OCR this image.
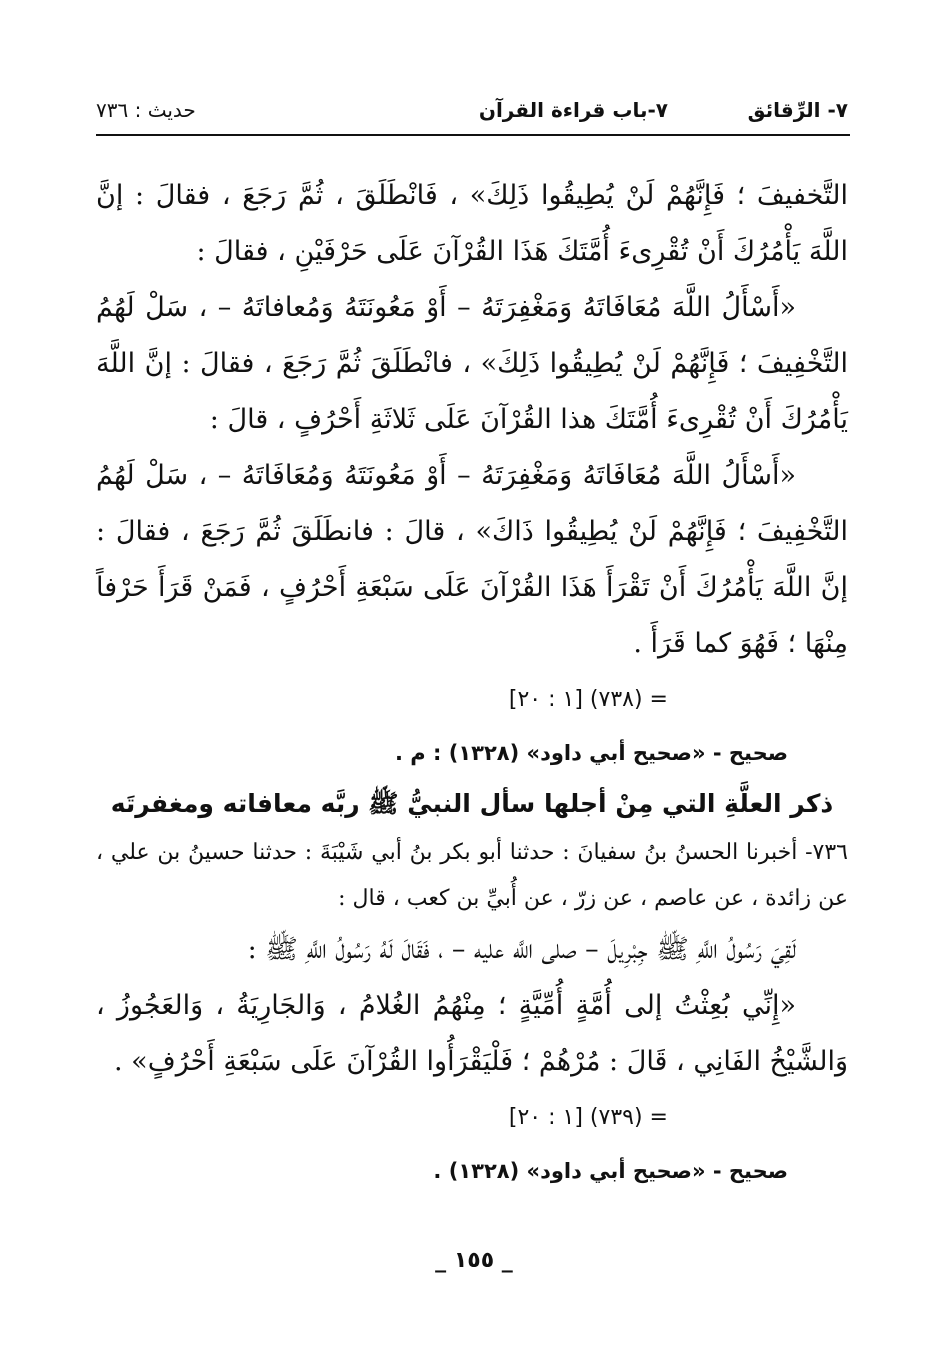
٧- الرِّقائق
٧-باب قراءة القرآن
حديث : ٧٣٦

التَّخفيفَ ؛ فَإِنَّهُمْ لَنْ يُطِيقُوا ذَلِكَ» ، فَانْطَلَقَ ، ثُمَّ رَجَعَ ، فقالَ : إنَّ اللَّهَ يَأْمُرُكَ أَنْ تُقْرِىءَ أُمَّتَكَ هَذَا القُرْآنَ عَلَى حَرْفَيْنِ ، فقالَ :

«أَسْأَلُ اللَّهَ مُعَافَاتَهُ وَمَغْفِرَتَهُ – أَوْ مَعُونَتَهُ وَمُعافاتَهُ – ، سَلْ لَهُمُ التَّخْفِيفَ ؛ فَإِنَّهُمْ لَنْ يُطِيقُوا ذَلِكَ» ، فانْطَلَقَ ثُمَّ رَجَعَ ، فقالَ : إنَّ اللَّهَ يَأْمُرُكَ أَنْ تُقْرِىءَ أُمَّتَكَ هذا القُرْآنَ عَلَى ثَلاثَةِ أَحْرُفٍ ، قالَ :

«أَسْأَلُ اللَّهَ مُعَافَاتَهُ وَمَغْفِرَتَهُ – أَوْ مَعُونَتَهُ وَمُعَافَاتَهُ – ، سَلْ لَهُمُ التَّخْفِيفَ ؛ فَإِنَّهُمْ لَنْ يُطِيقُوا ذَاكَ» ، قالَ : فانطَلَقَ ثُمَّ رَجَعَ ، فقالَ : إنَّ اللَّهَ يَأْمُرُكَ أَنْ تَقْرَأَ هَذَا القُرْآنَ عَلَى سَبْعَةِ أَحْرُفٍ ، فَمَنْ قَرَأَ حَرْفاً مِنْهَا ؛ فَهُوَ كما قَرَأَ .

= (٧٣٨) [١ : ٢٠]

صحيح - «صحيح أبي داود» (١٣٢٨) : م .

ذكر العلَّةِ التي مِنْ أجلها سأل النبيُّ ﷺ ربَّه معافاته ومغفرتَه

٧٣٦- أخبرنا الحسنُ بنُ سفيانَ : حدثنا أبو بكر بنُ أبي شَيْبَةَ : حدثنا حسينُ بن علي ، عن زائدة ، عن عاصم ، عن زرّ ، عن أُبيِّ بن كعب ، قال :

لَقِيَ رَسُولُ اللَّهِ ﷺ جِبْرِيلَ – صلى اللَّه عليه – ، فَقَالَ لَهُ رَسُولُ اللَّهِ ﷺ :

«إِنِّي بُعِثْتُ إلى أُمَّةٍ أُمِّيَّةٍ ؛ مِنْهُمُ الغُلامُ ، وَالجَارِيَةُ ، وَالعَجُوزُ ، وَالشَّيْخُ الفَانِي ، قَالَ : مُرْهُمْ ؛ فَلْيَقْرَأُوا القُرْآنَ عَلَى سَبْعَةِ أَحْرُفٍ» .

= (٧٣٩) [١ : ٢٠]

صحيح - «صحيح أبي داود» (١٣٢٨) .

_ ١٥٥ _
